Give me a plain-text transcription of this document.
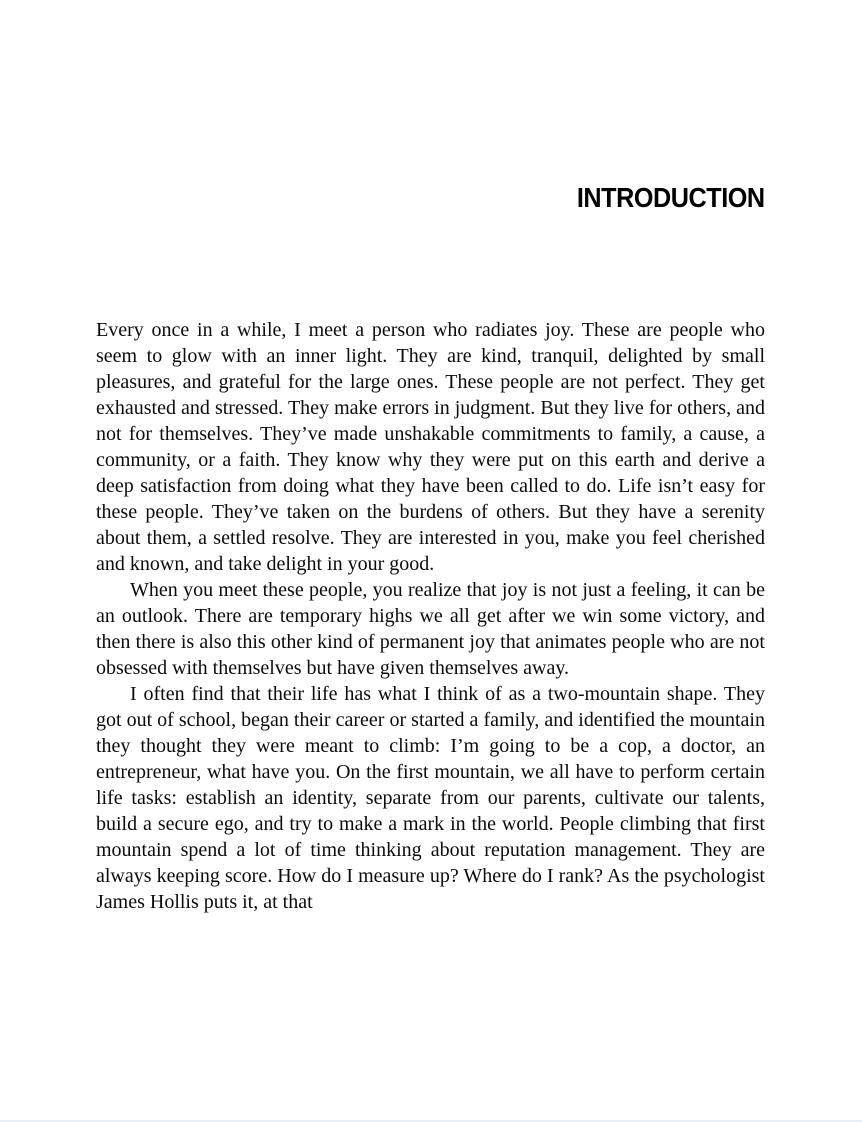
INTRODUCTION

Every once in a while, I meet a person who radiates joy. These are people who seem to glow with an inner light. They are kind, tranquil, delighted by small pleasures, and grateful for the large ones. These people are not perfect. They get exhausted and stressed. They make errors in judgment. But they live for others, and not for themselves. They’ve made unshakable commitments to family, a cause, a community, or a faith. They know why they were put on this earth and derive a deep satisfaction from doing what they have been called to do. Life isn’t easy for these people. They’ve taken on the burdens of others. But they have a serenity about them, a settled resolve. They are interested in you, make you feel cherished and known, and take delight in your good.

When you meet these people, you realize that joy is not just a feeling, it can be an outlook. There are temporary highs we all get after we win some victory, and then there is also this other kind of permanent joy that animates people who are not obsessed with themselves but have given themselves away.

I often find that their life has what I think of as a two-mountain shape. They got out of school, began their career or started a family, and identified the mountain they thought they were meant to climb: I’m going to be a cop, a doctor, an entrepreneur, what have you. On the first mountain, we all have to perform certain life tasks: establish an identity, separate from our parents, cultivate our talents, build a secure ego, and try to make a mark in the world. People climbing that first mountain spend a lot of time thinking about reputation management. They are always keeping score. How do I measure up? Where do I rank? As the psychologist James Hollis puts it, at that
